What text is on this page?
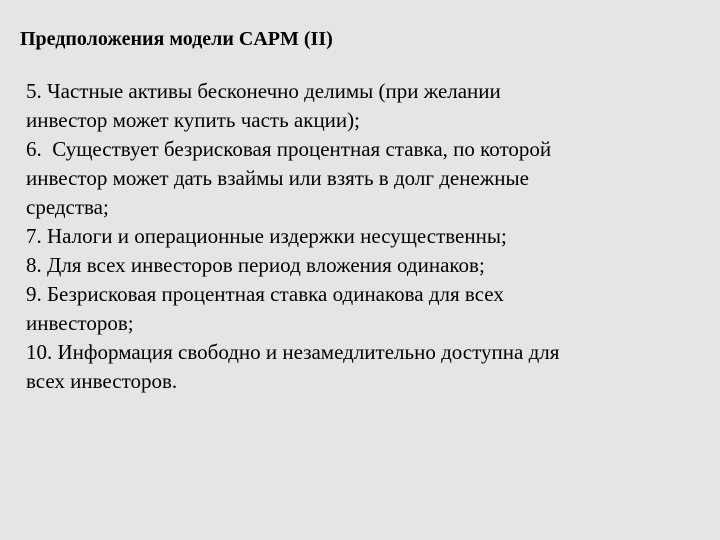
Предположения модели CAPM (II)
5. Частные активы бесконечно делимы (при желании
инвестор может купить часть акции);
6.  Существует безрисковая процентная ставка, по которой
инвестор может дать взаймы или взять в долг денежные
средства;
7. Налоги и операционные издержки несущественны;
8. Для всех инвесторов период вложения одинаков;
9. Безрисковая процентная ставка одинакова для всех
инвесторов;
10. Информация свободно и незамедлительно доступна для
всех инвесторов.
